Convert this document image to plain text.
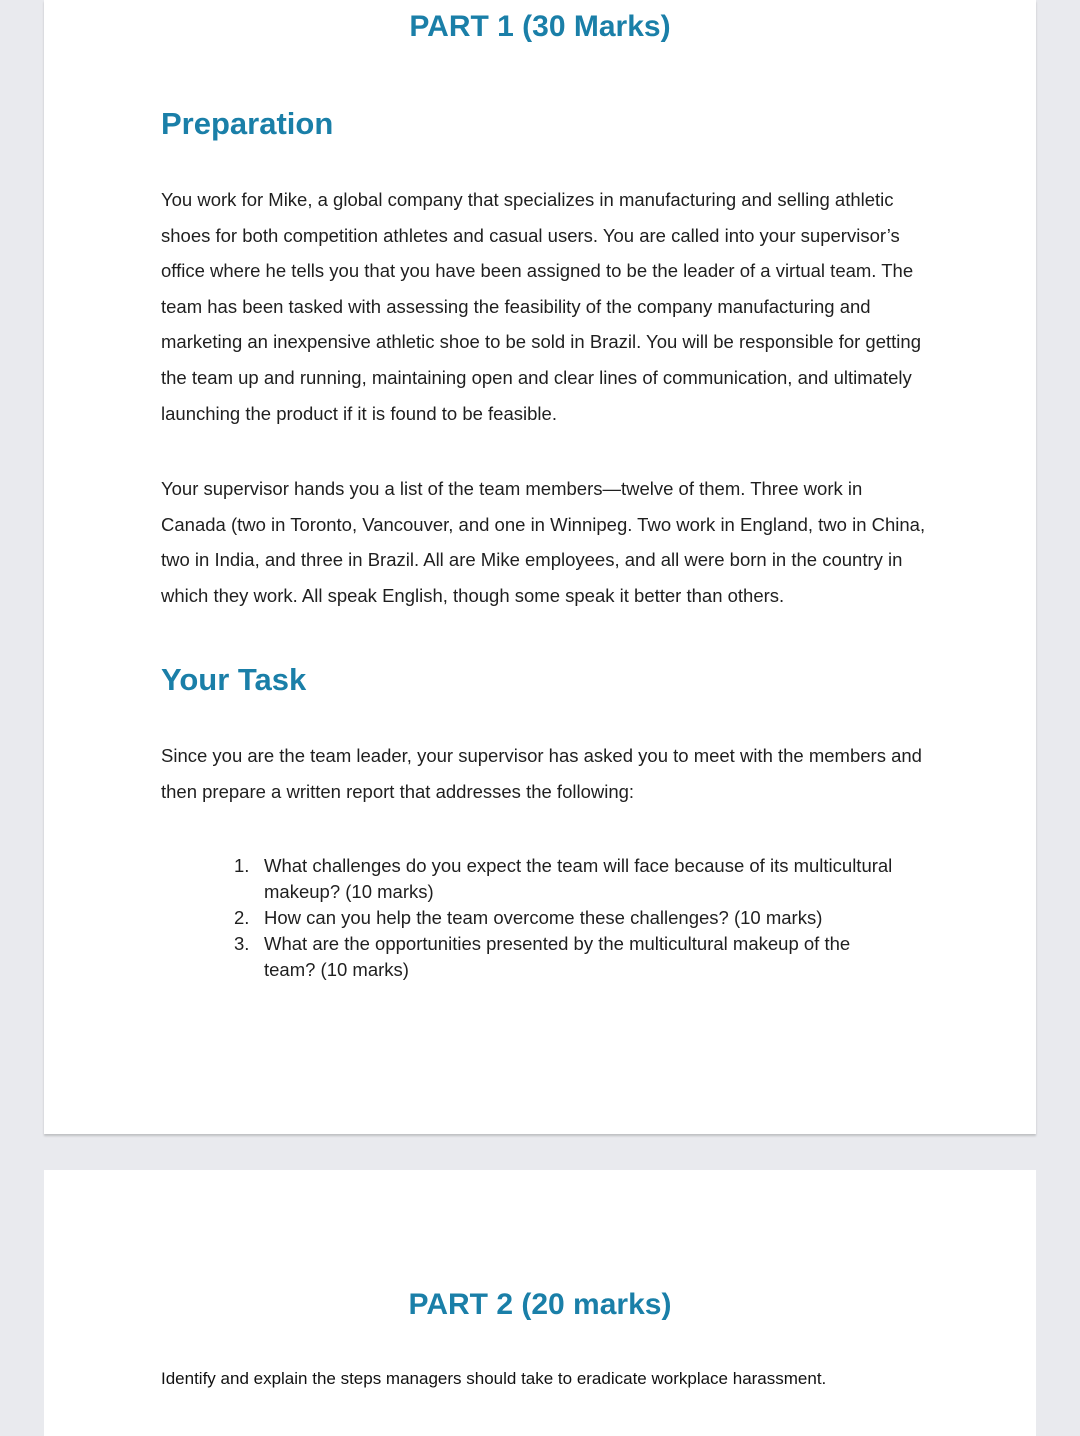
PART 1 (30 Marks)
Preparation

You work for Mike, a global company that specializes in manufacturing and selling athletic shoes for both competition athletes and casual users. You are called into your supervisor’s office where he tells you that you have been assigned to be the leader of a virtual team. The team has been tasked with assessing the feasibility of the company manufacturing and marketing an inexpensive athletic shoe to be sold in Brazil. You will be responsible for getting the team up and running, maintaining open and clear lines of communication, and ultimately launching the product if it is found to be feasible.

Your supervisor hands you a list of the team members—twelve of them. Three work in Canada (two in Toronto, Vancouver, and one in Winnipeg. Two work in England, two in China, two in India, and three in Brazil. All are Mike employees, and all were born in the country in which they work. All speak English, though some speak it better than others.

Your Task

Since you are the team leader, your supervisor has asked you to meet with the members and then prepare a written report that addresses the following:

1. What challenges do you expect the team will face because of its multicultural makeup? (10 marks)
2. How can you help the team overcome these challenges? (10 marks)
3. What are the opportunities presented by the multicultural makeup of the team? (10 marks)
PART 2 (20 marks)

Identify and explain the steps managers should take to eradicate workplace harassment.
